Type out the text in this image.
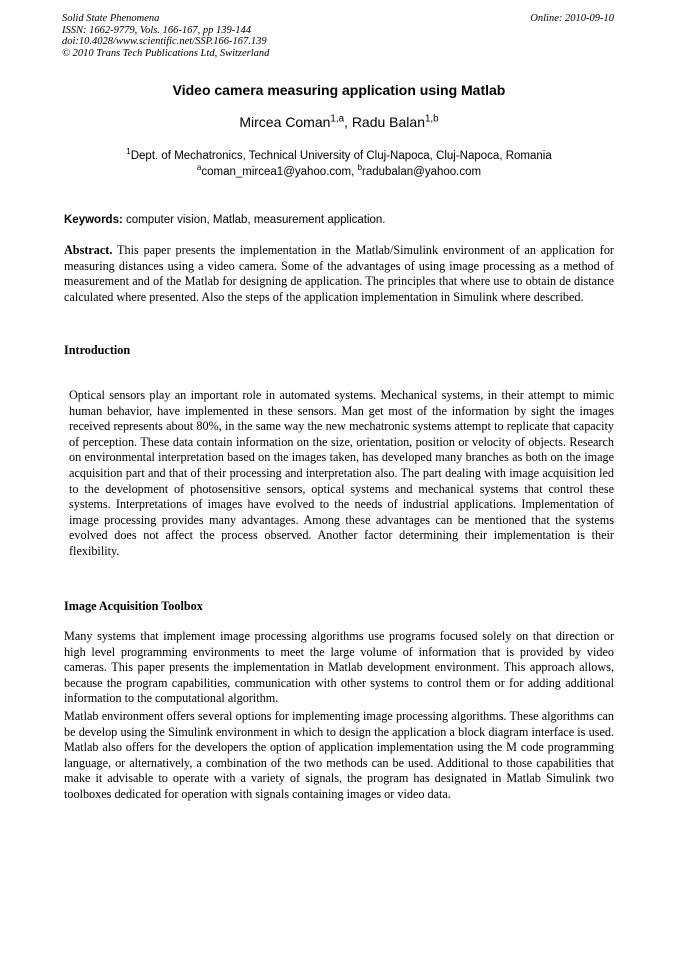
Solid State Phenomena
ISSN: 1662-9779, Vols. 166-167, pp 139-144
doi:10.4028/www.scientific.net/SSP.166-167.139
© 2010 Trans Tech Publications Ltd, Switzerland
Online: 2010-09-10
Video camera measuring application using Matlab
Mircea Coman$^{1,a}$, Radu Balan$^{1,b}$
$^1$Dept. of Mechatronics, Technical University of Cluj-Napoca, Cluj-Napoca, Romania
$^a$coman_mircea1@yahoo.com, $^b$radubalan@yahoo.com
Keywords: computer vision, Matlab, measurement application.

Abstract. This paper presents the implementation in the Matlab/Simulink environment of an application for measuring distances using a video camera. Some of the advantages of using image processing as a method of measurement and of the Matlab for designing de application. The principles that where use to obtain de distance calculated where presented. Also the steps of the application implementation in Simulink where described.

Introduction

Optical sensors play an important role in automated systems. Mechanical systems, in their attempt to mimic human behavior, have implemented in these sensors. Man get most of the information by sight the images received represents about 80%, in the same way the new mechatronic systems attempt to replicate that capacity of perception. These data contain information on the size, orientation, position or velocity of objects. Research on environmental interpretation based on the images taken, has developed many branches as both on the image acquisition part and that of their processing and interpretation also. The part dealing with image acquisition led to the development of photosensitive sensors, optical systems and mechanical systems that control these systems. Interpretations of images have evolved to the needs of industrial applications. Implementation of image processing provides many advantages. Among these advantages can be mentioned that the systems evolved does not affect the process observed. Another factor determining their implementation is their flexibility.

Image Acquisition Toolbox

Many systems that implement image processing algorithms use programs focused solely on that direction or high level programming environments to meet the large volume of information that is provided by video cameras. This paper presents the implementation in Matlab development environment. This approach allows, because the program capabilities, communication with other systems to control them or for adding additional information to the computational algorithm.

Matlab environment offers several options for implementing image processing algorithms. These algorithms can be develop using the Simulink environment in which to design the application a block diagram interface is used. Matlab also offers for the developers the option of application implementation using the M code programming language, or alternatively, a combination of the two methods can be used. Additional to those capabilities that make it advisable to operate with a variety of signals, the program has designated in Matlab Simulink two toolboxes dedicated for operation with signals containing images or video data.
